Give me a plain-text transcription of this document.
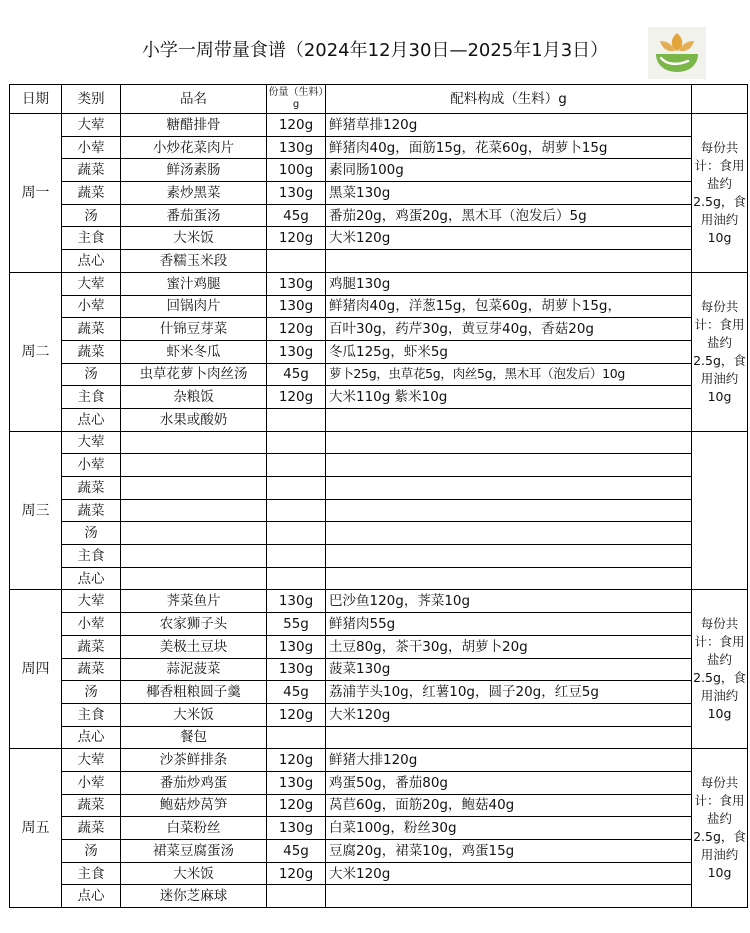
小学一周带量食谱（2024年12月30日—2025年1月3日）
日期	类别	品名	份量（生料）g	配料构成（生料）g	
周一	大荤	糖醋排骨	120g	鲜猪草排120g	每份共计：食用盐约2.5g，食用油约10g
	小荤	小炒花菜肉片	130g	鲜猪肉40g，面筋15g，花菜60g，胡萝卜15g	
	蔬菜	鲜汤素肠	100g	素同肠100g	
	蔬菜	素炒黑菜	130g	黑菜130g	
	汤	番茄蛋汤	45g	番茄20g，鸡蛋20g，黑木耳（泡发后）5g	
	主食	大米饭	120g	大米120g	
	点心	香糯玉米段			
周二	大荤	蜜汁鸡腿	130g	鸡腿130g	每份共计：食用盐约2.5g，食用油约10g
	小荤	回锅肉片	130g	鲜猪肉40g，洋葱15g，包菜60g，胡萝卜15g，	
	蔬菜	什锦豆芽菜	120g	百叶30g，药芹30g，黄豆芽40g，香菇20g	
	蔬菜	虾米冬瓜	130g	冬瓜125g，虾米5g	
	汤	虫草花萝卜肉丝汤	45g	萝卜25g，虫草花5g，肉丝5g，黑木耳（泡发后）10g	
	主食	杂粮饭	120g	大米110g 紫米10g	
	点心	水果或酸奶			
周三	大荤				
	小荤				
	蔬菜				
	蔬菜				
	汤				
	主食				
	点心				
周四	大荤	荠菜鱼片	130g	巴沙鱼120g，荠菜10g	每份共计：食用盐约2.5g，食用油约10g
	小荤	农家狮子头	55g	鲜猪肉55g	
	蔬菜	美极土豆块	130g	土豆80g，茶干30g，胡萝卜20g	
	蔬菜	蒜泥菠菜	130g	菠菜130g	
	汤	椰香粗粮圆子羹	45g	荔浦芋头10g，红薯10g，圆子20g，红豆5g	
	主食	大米饭	120g	大米120g	
	点心	餐包			
周五	大荤	沙茶鲜排条	120g	鲜猪大排120g	每份共计：食用盐约2.5g，食用油约10g
	小荤	番茄炒鸡蛋	130g	鸡蛋50g，番茄80g	
	蔬菜	鲍菇炒莴笋	120g	莴苣60g，面筋20g，鲍菇40g	
	蔬菜	白菜粉丝	130g	白菜100g，粉丝30g	
	汤	裙菜豆腐蛋汤	45g	豆腐20g，裙菜10g，鸡蛋15g	
	主食	大米饭	120g	大米120g	
	点心	迷你芝麻球			
